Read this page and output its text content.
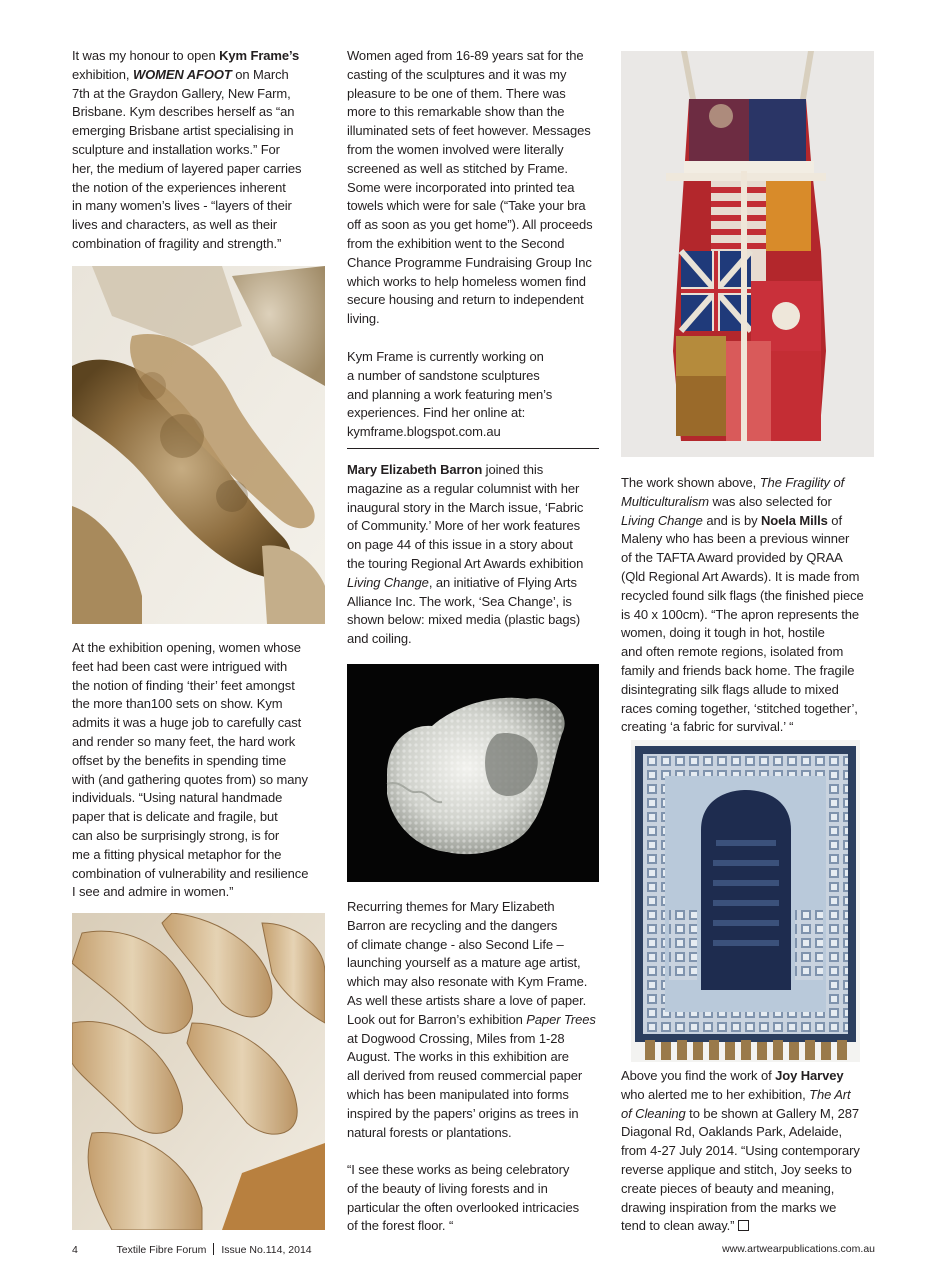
It was my honour to open Kym Frame’s
exhibition, WOMEN AFOOT on March
7th at the Graydon Gallery, New Farm,
Brisbane. Kym describes herself as “an
emerging Brisbane artist specialising in
sculpture and installation works.” For
her, the medium of layered paper carries
the notion of the experiences inherent
in many women’s lives - “layers of their
lives and characters, as well as their
combination of fragility and strength.”

At the exhibition opening, women whose
feet had been cast were intrigued with
the notion of finding ‘their’ feet amongst
the more than100 sets on show. Kym
admits it was a huge job to carefully cast
and render so many feet, the hard work
offset by the benefits in spending time
with (and gathering quotes from) so many
individuals. “Using natural handmade
paper that is delicate and fragile, but
can also be surprisingly strong, is for
me a fitting physical metaphor for the
combination of vulnerability and resilience
I see and admire in women.”

Women aged from 16-89 years sat for the
casting of the sculptures and it was my
pleasure to be one of them. There was
more to this remarkable show than the
illuminated sets of feet however. Messages
from the women involved were literally
screened as well as stitched by Frame.
Some were incorporated into printed tea
towels which were for sale (“Take your bra
off as soon as you get home”). All proceeds
from the exhibition went to the Second
Chance Programme Fundraising Group Inc
which works to help homeless women find
secure housing and return to independent
living.

Kym Frame is currently working on
a number of sandstone sculptures
and planning a work featuring men’s
experiences. Find her online at:
kymframe.blogspot.com.au

Mary Elizabeth Barron joined this
magazine as a regular columnist with her
inaugural story in the March issue, ‘Fabric
of Community.’ More of her work features
on page 44 of this issue in a story about
the touring Regional Art Awards exhibition
Living Change, an initiative of Flying Arts
Alliance Inc. The work, ‘Sea Change’, is
shown below: mixed media (plastic bags)
and coiling.

Recurring themes for Mary Elizabeth
Barron are recycling and the dangers
of climate change - also Second Life –
launching yourself as a mature age artist,
which may also resonate with Kym Frame.
As well these artists share a love of paper.
Look out for Barron’s exhibition Paper Trees
at Dogwood Crossing, Miles from 1-28
August. The works in this exhibition are
all derived from reused commercial paper
which has been manipulated into forms
inspired by the papers’ origins as trees in
natural forests or plantations.

“I see these works as being celebratory
of the beauty of living forests and in
particular the often overlooked intricacies
of the forest floor. “

The work shown above, The Fragility of
Multiculturalism was also selected for
Living Change and is by Noela Mills of
Maleny who has been a previous winner
of the TAFTA Award provided by QRAA
(Qld Regional Art Awards). It is made from
recycled found silk flags (the finished piece
is 40 x 100cm). “The apron represents the
women, doing it tough in hot, hostile
and often remote regions, isolated from
family and friends back home. The fragile
disintegrating silk flags allude to mixed
races coming together, ‘stitched together’,
creating ‘a fabric for survival.’ “

Above you find the work of Joy Harvey
who alerted me to her exhibition, The Art
of Cleaning to be shown at Gallery M, 287
Diagonal Rd, Oaklands Park, Adelaide,
from 4-27 July 2014. “Using contemporary
reverse applique and stitch, Joy seeks to
create pieces of beauty and meaning,
drawing inspiration from the marks we
tend to clean away.”

4	Textile Fibre Forum Issue No.114, 2014	www.artwearpublications.com.au
